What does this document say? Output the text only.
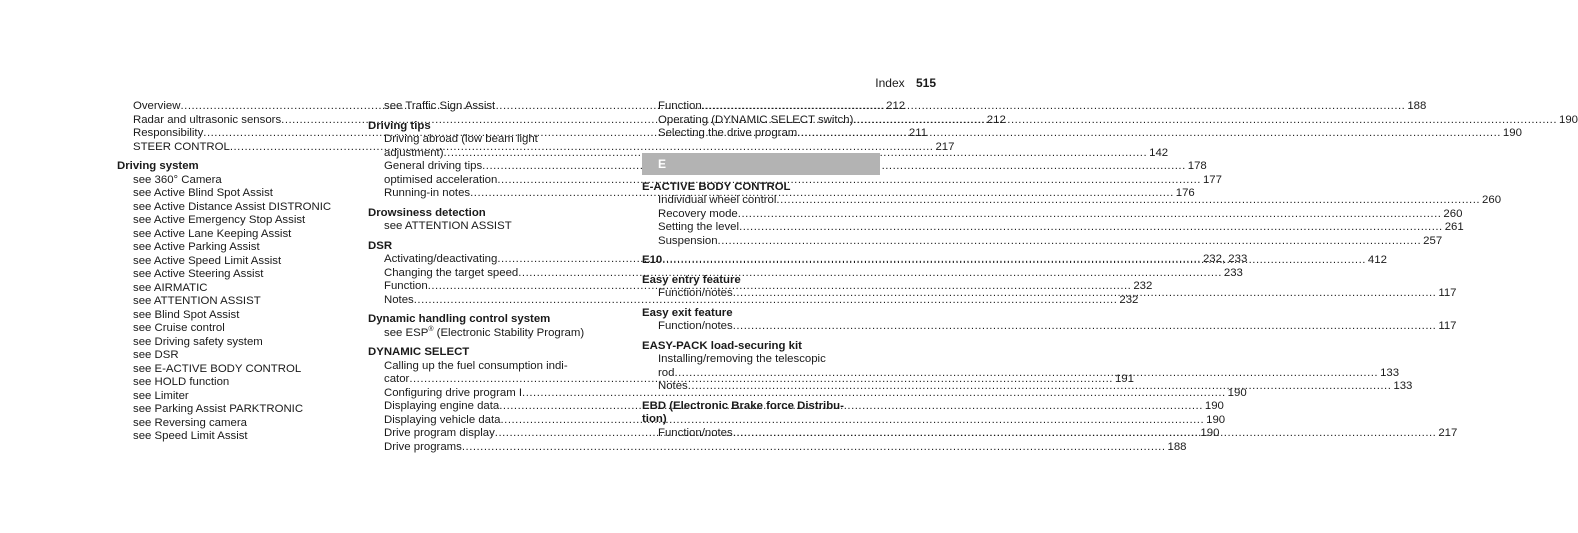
Index 515
Overview .....	212
Radar and ultrasonic sensors .....	212
Responsibility .....	211
STEER CONTROL .....	217
Driving system
see 360° Camera
see Active Blind Spot Assist
see Active Distance Assist DISTRONIC
see Active Emergency Stop Assist
see Active Lane Keeping Assist
see Active Parking Assist
see Active Speed Limit Assist
see Active Steering Assist
see AIRMATIC
see ATTENTION ASSIST
see Blind Spot Assist
see Cruise control
see Driving safety system
see DSR
see E-ACTIVE BODY CONTROL
see HOLD function
see Limiter
see Parking Assist PARKTRONIC
see Reversing camera
see Speed Limit Assist
see Traffic Sign Assist
Driving tips
Driving abroad (low beam light
adjustment) .....	142
General driving tips .....	178
optimised acceleration .....	177
Running-in notes .....	176
Drowsiness detection
see ATTENTION ASSIST
DSR
Activating/deactivating .....	232, 233
Changing the target speed .....	233
Function .....	232
Notes .....	232
Dynamic handling control system
see ESP® (Electronic Stability Program)
DYNAMIC SELECT
Calling up the fuel consumption indi-
cator .....	191
Configuring drive program I .....	190
Displaying engine data .....	190
Displaying vehicle data .....	190
Drive program display .....	190
Drive programs .....	188
Function .....	188
Operating (DYNAMIC SELECT switch) .....	190
Selecting the drive program .....	190
E
E-ACTIVE BODY CONTROL
Individual wheel control .....	260
Recovery mode .....	260
Setting the level .....	261
Suspension .....	257
E10 .....	412
Easy entry feature
Function/notes .....	117
Easy exit feature
Function/notes .....	117
EASY-PACK load-securing kit
Installing/removing the telescopic
rod .....	133
Notes .....	133
EBD (Electronic Brake force Distribu-
tion)
Function/notes .....	217
